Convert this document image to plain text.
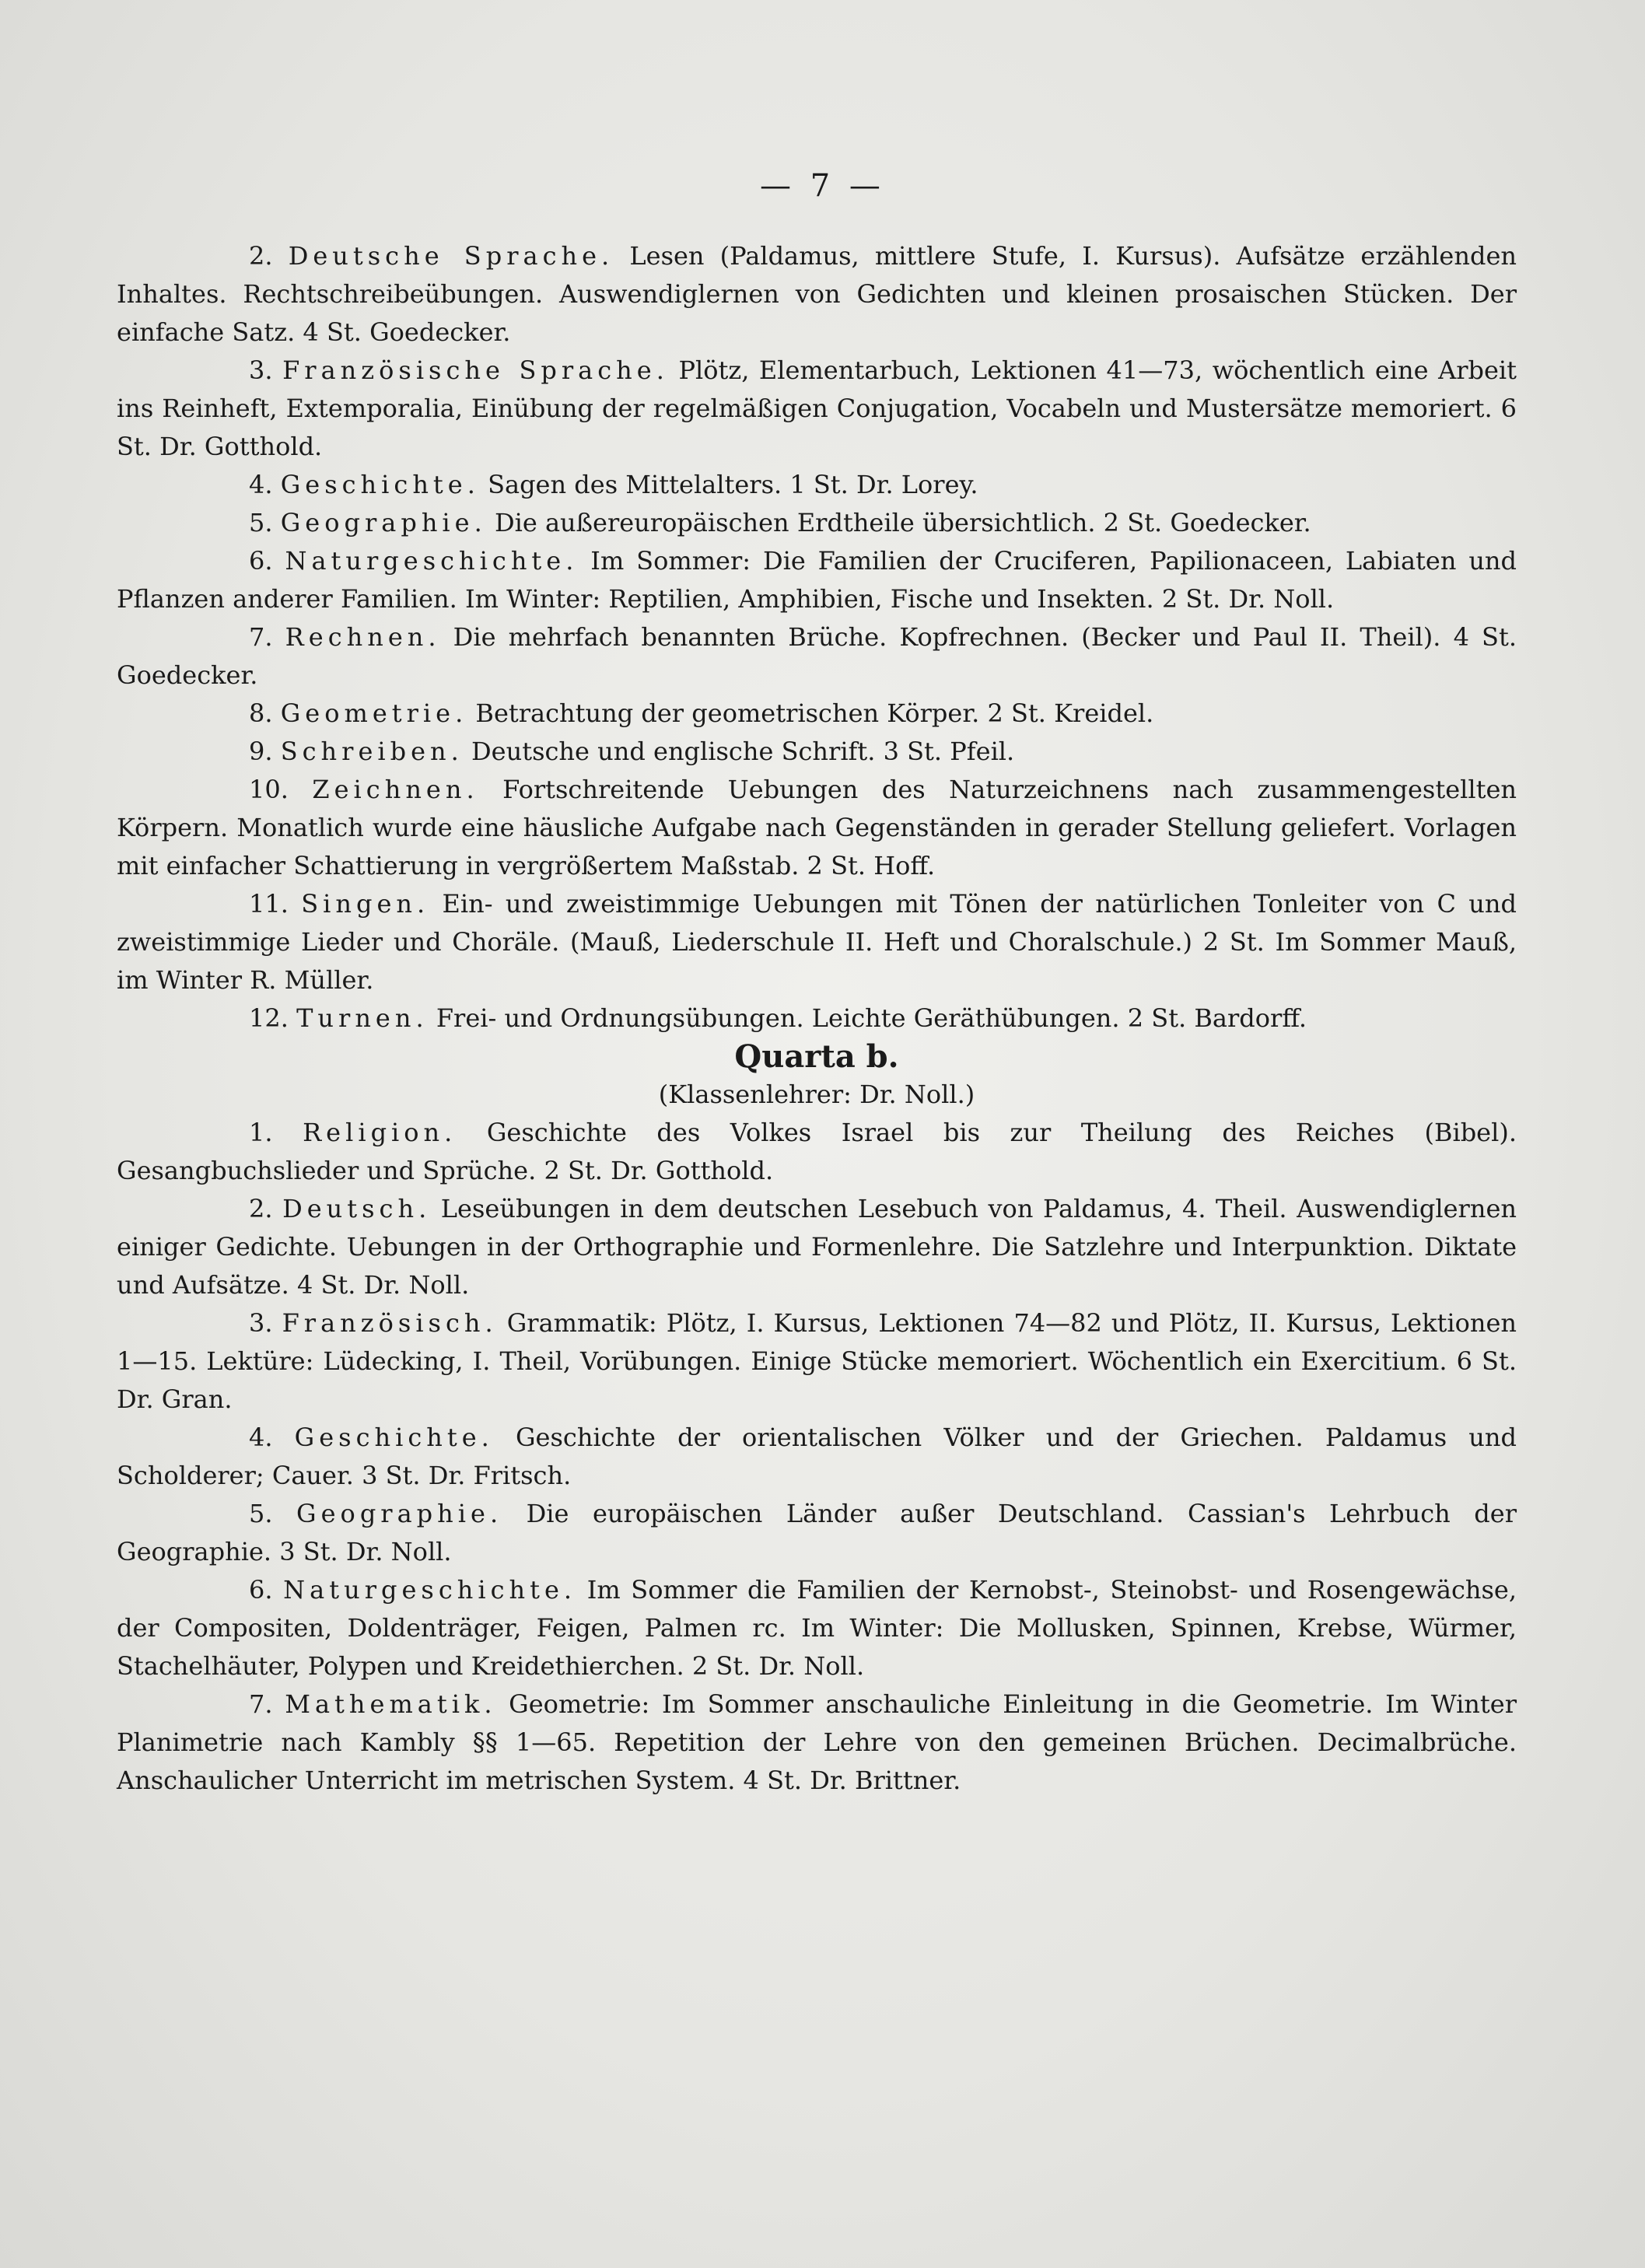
— 7 —

2. Deutsche Sprache. Lesen (Paldamus, mittlere Stufe, I. Kursus). Aufsätze erzählenden Inhaltes. Rechtschreibeübungen. Auswendiglernen von Gedichten und kleinen prosaischen Stücken. Der einfache Satz. 4 St. Goedecker.

3. Französische Sprache. Plötz, Elementarbuch, Lektionen 41—73, wöchentlich eine Arbeit ins Reinheft, Extemporalia, Einübung der regelmäßigen Conjugation, Vocabeln und Mustersätze memoriert. 6 St. Dr. Gotthold.

4. Geschichte. Sagen des Mittelalters. 1 St. Dr. Lorey.

5. Geographie. Die außereuropäischen Erdtheile übersichtlich. 2 St. Goedecker.

6. Naturgeschichte. Im Sommer: Die Familien der Cruciferen, Papilionaceen, Labiaten und Pflanzen anderer Familien. Im Winter: Reptilien, Amphibien, Fische und Insekten. 2 St. Dr. Noll.

7. Rechnen. Die mehrfach benannten Brüche. Kopfrechnen. (Becker und Paul II. Theil). 4 St. Goedecker.

8. Geometrie. Betrachtung der geometrischen Körper. 2 St. Kreidel.

9. Schreiben. Deutsche und englische Schrift. 3 St. Pfeil.

10. Zeichnen. Fortschreitende Uebungen des Naturzeichnens nach zusammengestellten Körpern. Monatlich wurde eine häusliche Aufgabe nach Gegenständen in gerader Stellung geliefert. Vorlagen mit einfacher Schattierung in vergrößertem Maßstab. 2 St. Hoff.

11. Singen. Ein- und zweistimmige Uebungen mit Tönen der natürlichen Tonleiter von C und zweistimmige Lieder und Choräle. (Mauß, Liederschule II. Heft und Choralschule.) 2 St. Im Sommer Mauß, im Winter R. Müller.

12. Turnen. Frei- und Ordnungsübungen. Leichte Geräthübungen. 2 St. Bardorff.

Quarta b.

(Klassenlehrer: Dr. Noll.)

1. Religion. Geschichte des Volkes Israel bis zur Theilung des Reiches (Bibel). Gesangbuchslieder und Sprüche. 2 St. Dr. Gotthold.

2. Deutsch. Leseübungen in dem deutschen Lesebuch von Paldamus, 4. Theil. Auswendiglernen einiger Gedichte. Uebungen in der Orthographie und Formenlehre. Die Satzlehre und Interpunktion. Diktate und Aufsätze. 4 St. Dr. Noll.

3. Französisch. Grammatik: Plötz, I. Kursus, Lektionen 74—82 und Plötz, II. Kursus, Lektionen 1—15. Lektüre: Lüdecking, I. Theil, Vorübungen. Einige Stücke memoriert. Wöchentlich ein Exercitium. 6 St. Dr. Gran.

4. Geschichte. Geschichte der orientalischen Völker und der Griechen. Paldamus und Scholderer; Cauer. 3 St. Dr. Fritsch.

5. Geographie. Die europäischen Länder außer Deutschland. Cassian's Lehrbuch der Geographie. 3 St. Dr. Noll.

6. Naturgeschichte. Im Sommer die Familien der Kernobst-, Steinobst- und Rosengewächse, der Compositen, Doldenträger, Feigen, Palmen rc. Im Winter: Die Mollusken, Spinnen, Krebse, Würmer, Stachelhäuter, Polypen und Kreidethierchen. 2 St. Dr. Noll.

7. Mathematik. Geometrie: Im Sommer anschauliche Einleitung in die Geometrie. Im Winter Planimetrie nach Kambly §§ 1—65. Repetition der Lehre von den gemeinen Brüchen. Decimalbrüche. Anschaulicher Unterricht im metrischen System. 4 St. Dr. Brittner.
